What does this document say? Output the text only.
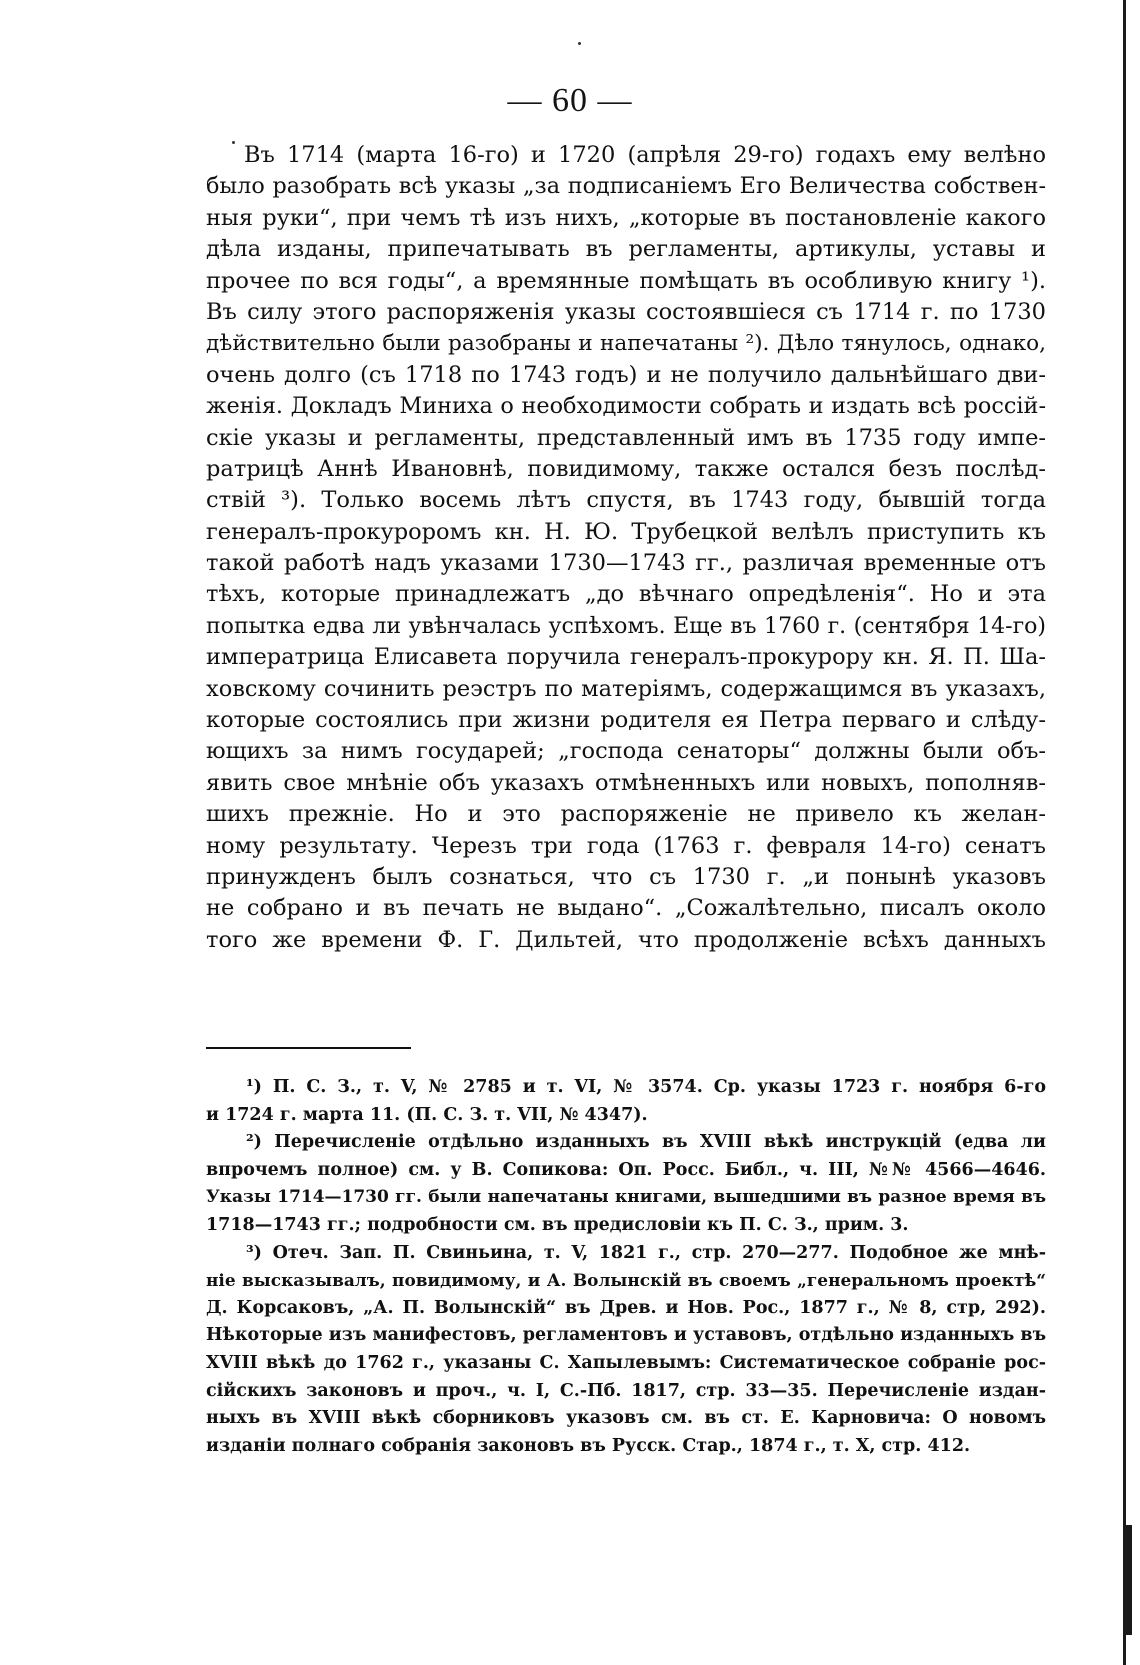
— 60 —
Въ 1714 (марта 16-го) и 1720 (апрѣля 29-го) годахъ ему велѣно
было разобрать всѣ указы „за подписаніемъ Его Величества собствен-
ныя руки“, при чемъ тѣ изъ нихъ, „которые въ постановленіе какого
дѣла изданы, припечатывать въ регламенты, артикулы, уставы и
прочее по вся годы“, а времянные помѣщать въ особливую книгу ¹).
Въ силу этого распоряженія указы состоявшіеся съ 1714 г. по 1730
дѣйствительно были разобраны и напечатаны ²). Дѣло тянулось, однако,
очень долго (съ 1718 по 1743 годъ) и не получило дальнѣйшаго дви-
женія. Докладъ Миниха о необходимости собрать и издать всѣ россій-
скіе указы и регламенты, представленный имъ въ 1735 году импе-
ратрицѣ Аннѣ Ивановнѣ, повидимому, также остался безъ послѣд-
ствій ³). Только восемь лѣтъ спустя, въ 1743 году, бывшій тогда
генералъ-прокуроромъ кн. Н. Ю. Трубецкой велѣлъ приступить къ
такой работѣ надъ указами 1730—1743 гг., различая временные отъ
тѣхъ, которые принадлежатъ „до вѣчнаго опредѣленія“. Но и эта
попытка едва ли увѣнчалась успѣхомъ. Еще въ 1760 г. (сентября 14-го)
императрица Елисавета поручила генералъ-прокурору кн. Я. П. Ша-
ховскому сочинить реэстръ по матеріямъ, содержащимся въ указахъ,
которые состоялись при жизни родителя ея Петра перваго и слѣду-
ющихъ за нимъ государей; „господа сенаторы“ должны были объ-
явить свое мнѣніе объ указахъ отмѣненныхъ или новыхъ, пополняв-
шихъ прежніе. Но и это распоряженіе не привело къ желан-
ному результату. Черезъ три года (1763 г. февраля 14-го) сенатъ
принужденъ былъ сознаться, что съ 1730 г. „и понынѣ указовъ
не собрано и въ печать не выдано“. „Сожалѣтельно, писалъ около
того же времени Ф. Г. Дильтей, что продолженіе всѣхъ данныхъ
¹) П. С. З., т. V, № 2785 и т. VI, № 3574. Ср. указы 1723 г. ноября 6-го
и 1724 г. марта 11. (П. С. З. т. VII, № 4347).
²) Перечисленіе отдѣльно изданныхъ въ XVIII вѣкѣ инструкцій (едва ли
впрочемъ полное) см. у В. Сопикова: Оп. Росс. Библ., ч. III, №№ 4566—4646.
Указы 1714—1730 гг. были напечатаны книгами, вышедшими въ разное время въ
1718—1743 гг.; подробности см. въ предисловіи къ П. С. З., прим. 3.
³) Отеч. Зап. П. Свиньина, т. V, 1821 г., стр. 270—277. Подобное же мнѣ-
ніе высказывалъ, повидимому, и А. Волынскій въ своемъ „генеральномъ проектѣ“
Д. Корсаковъ, „А. П. Волынскій“ въ Древ. и Нов. Рос., 1877 г., № 8, стр, 292).
Нѣкоторые изъ манифестовъ, регламентовъ и уставовъ, отдѣльно изданныхъ въ
XVIII вѣкѣ до 1762 г., указаны С. Хапылевымъ: Систематическое собраніе рос-
сійскихъ законовъ и проч., ч. I, С.-Пб. 1817, стр. 33—35. Перечисленіе издан-
ныхъ въ XVIII вѣкѣ сборниковъ указовъ см. въ ст. Е. Карновича: О новомъ
изданіи полнаго собранія законовъ въ Русск. Стар., 1874 г., т. X, стр. 412.
